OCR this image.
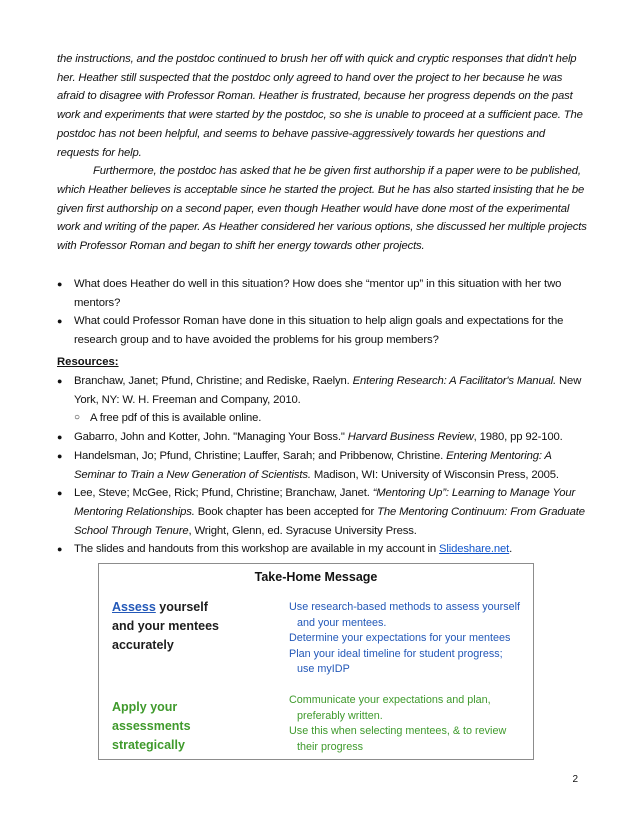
the instructions, and the postdoc continued to brush her off with quick and cryptic responses that didn't help her. Heather still suspected that the postdoc only agreed to hand over the project to her because he was afraid to disagree with Professor Roman. Heather is frustrated, because her progress depends on the past work and experiments that were started by the postdoc, so she is unable to proceed at a sufficient pace. The postdoc has not been helpful, and seems to behave passive-aggressively towards her questions and requests for help.

Furthermore, the postdoc has asked that he be given first authorship if a paper were to be published, which Heather believes is acceptable since he started the project. But he has also started insisting that he be given first authorship on a second paper, even though Heather would have done most of the experimental work and writing of the paper. As Heather considered her various options, she discussed her multiple projects with Professor Roman and began to shift her energy towards other projects.

● What does Heather do well in this situation? How does she “mentor up” in this situation with her two mentors?
● What could Professor Roman have done in this situation to help align goals and expectations for the research group and to have avoided the problems for his group members?
Resources:
● Branchaw, Janet; Pfund, Christine; and Rediske, Raelyn. Entering Research: A Facilitator's Manual. New York, NY: W. H. Freeman and Company, 2010.
○ A free pdf of this is available online.
● Gabarro, John and Kotter, John. "Managing Your Boss." Harvard Business Review, 1980, pp 92-100.
● Handelsman, Jo; Pfund, Christine; Lauffer, Sarah; and Pribbenow, Christine. Entering Mentoring: A Seminar to Train a New Generation of Scientists. Madison, WI: University of Wisconsin Press, 2005.
● Lee, Steve; McGee, Rick; Pfund, Christine; Branchaw, Janet. “Mentoring Up”: Learning to Manage Your Mentoring Relationships. Book chapter has been accepted for The Mentoring Continuum: From Graduate School Through Tenure, Wright, Glenn, ed. Syracuse University Press.
● The slides and handouts from this workshop are available in my account in Slideshare.net.
Take-Home Message
Assess yourself
and your mentees
accurately
Use research-based methods to assess yourself
and your mentees.
Determine your expectations for your mentees
Plan your ideal timeline for student progress;
use myIDP
Apply your
assessments
strategically
Communicate your expectations and plan,
preferably written.
Use this when selecting mentees, & to review
their progress
2
